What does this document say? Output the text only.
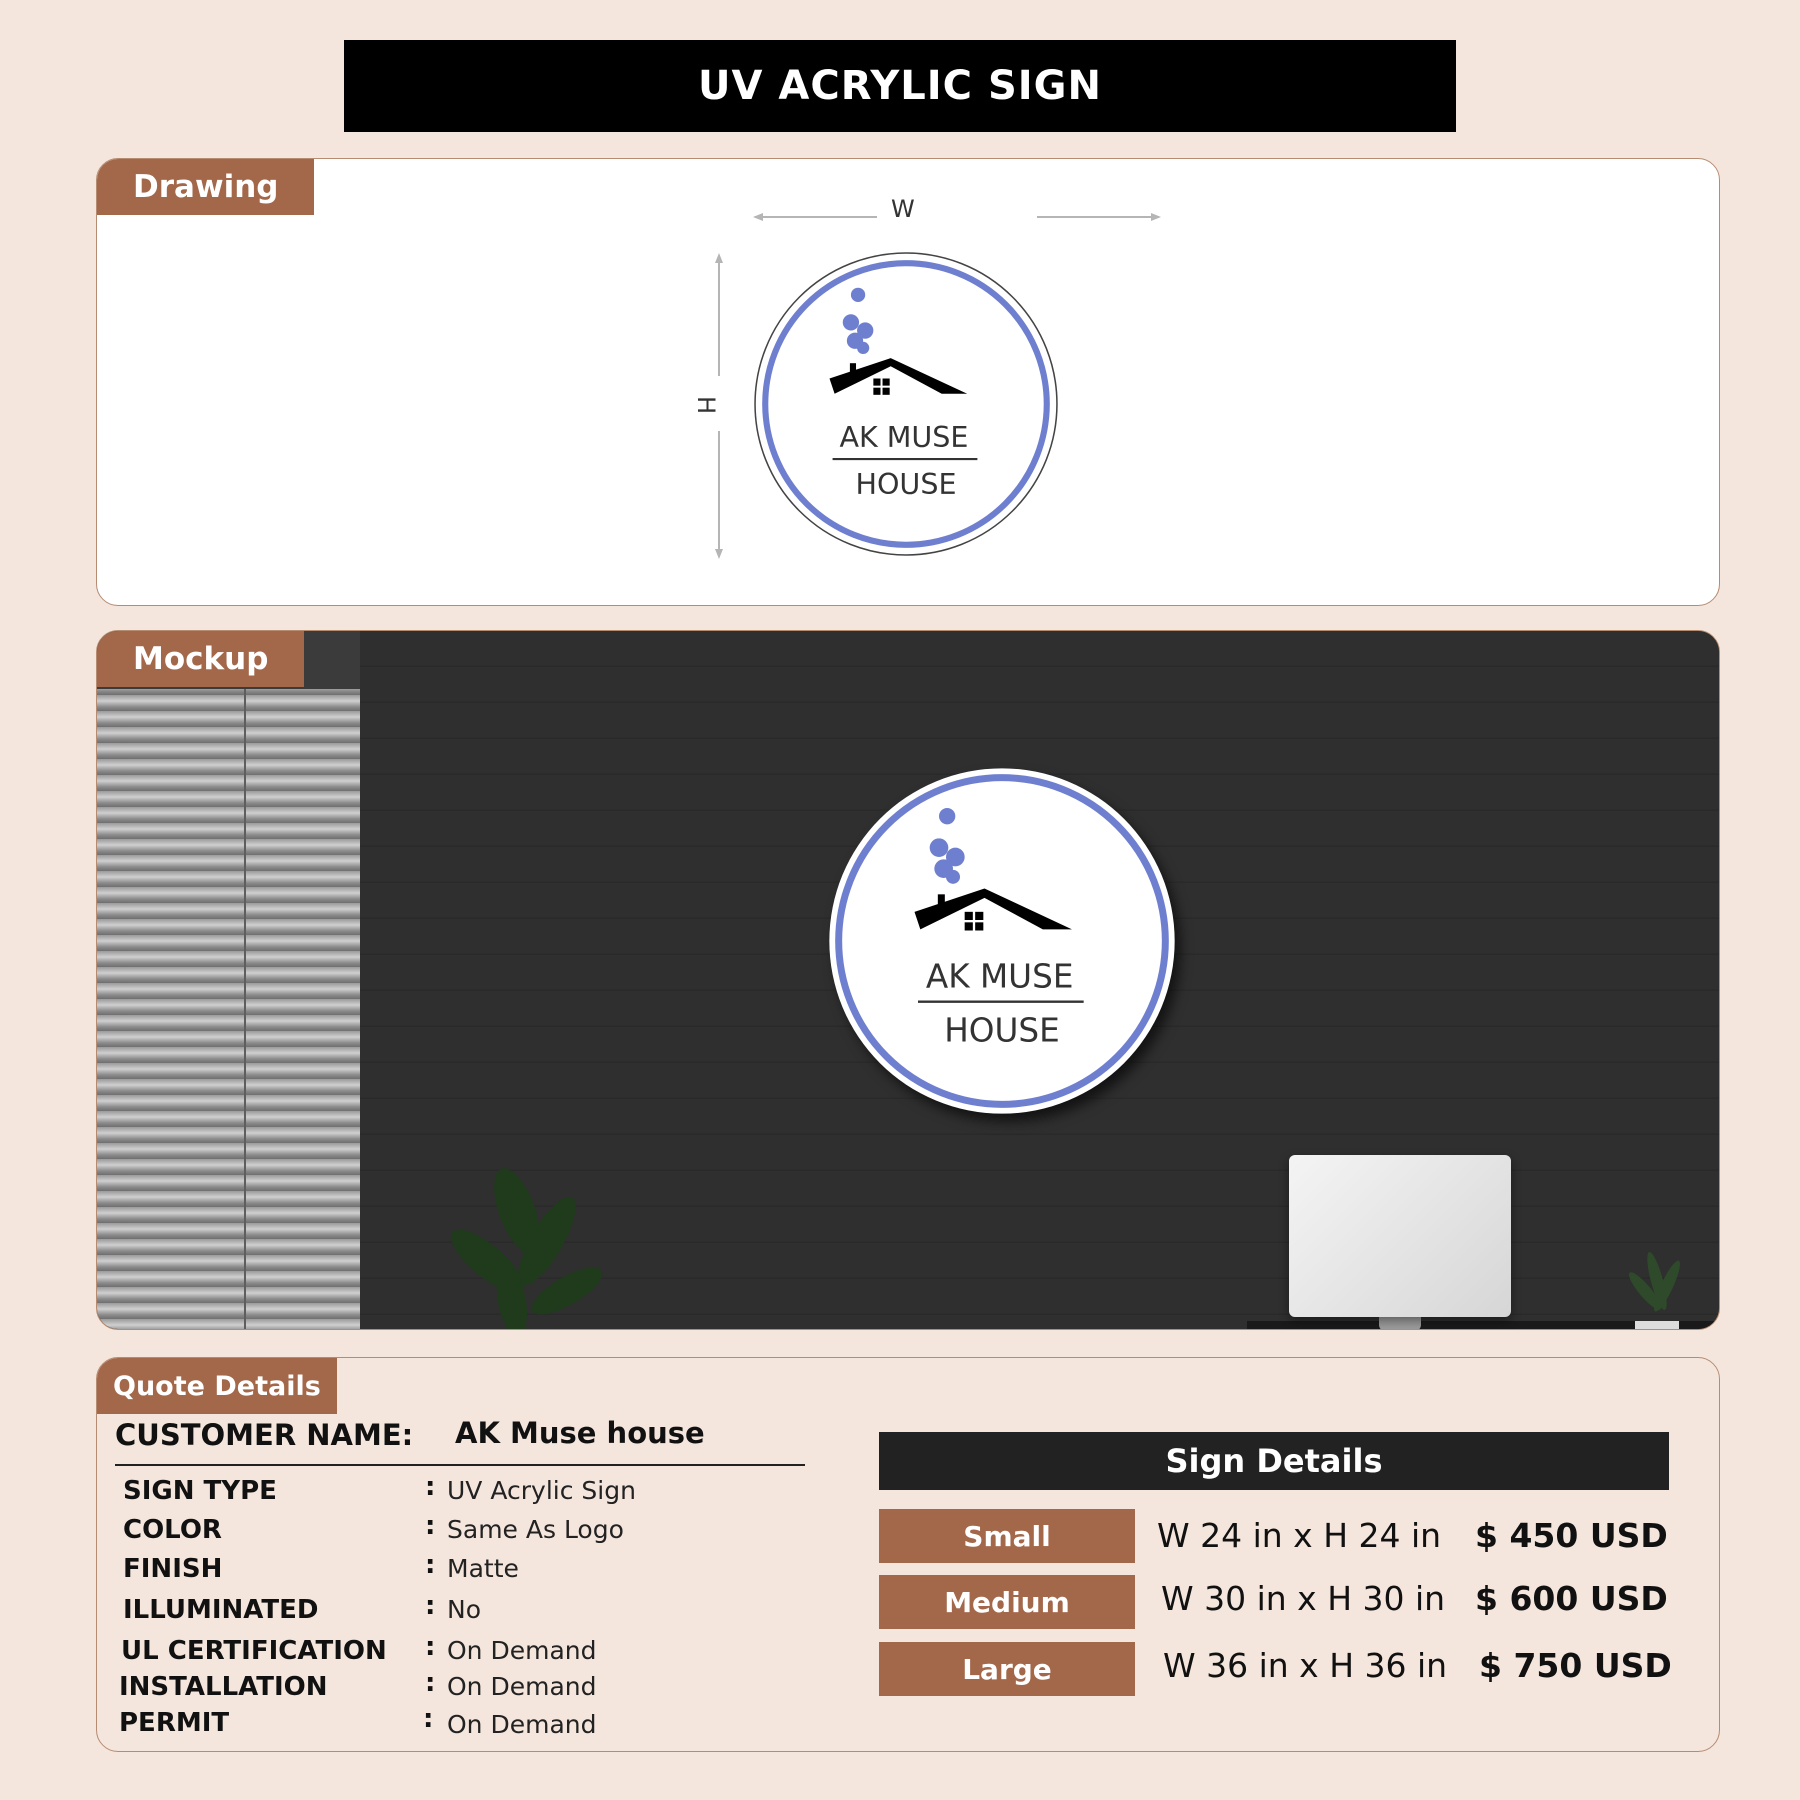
UV ACRYLIC SIGN
Drawing
W
H
AK MUSE
HOUSE
Mockup
AK MUSE
HOUSE
Quote Details
CUSTOMER NAME: AK Muse house
SIGN TYPE	: UV Acrylic Sign
COLOR	: Same As Logo
FINISH	: Matte
ILLUMINATED	: No
UL CERTIFICATION : On Demand
INSTALLATION	: On Demand
PERMIT	: On Demand
Sign Details
Small	W 24 in x H 24 in $ 450 USD
Medium	W 30 in x H 30 in $ 600 USD
Large	W 36 in x H 36 in $ 750 USD
